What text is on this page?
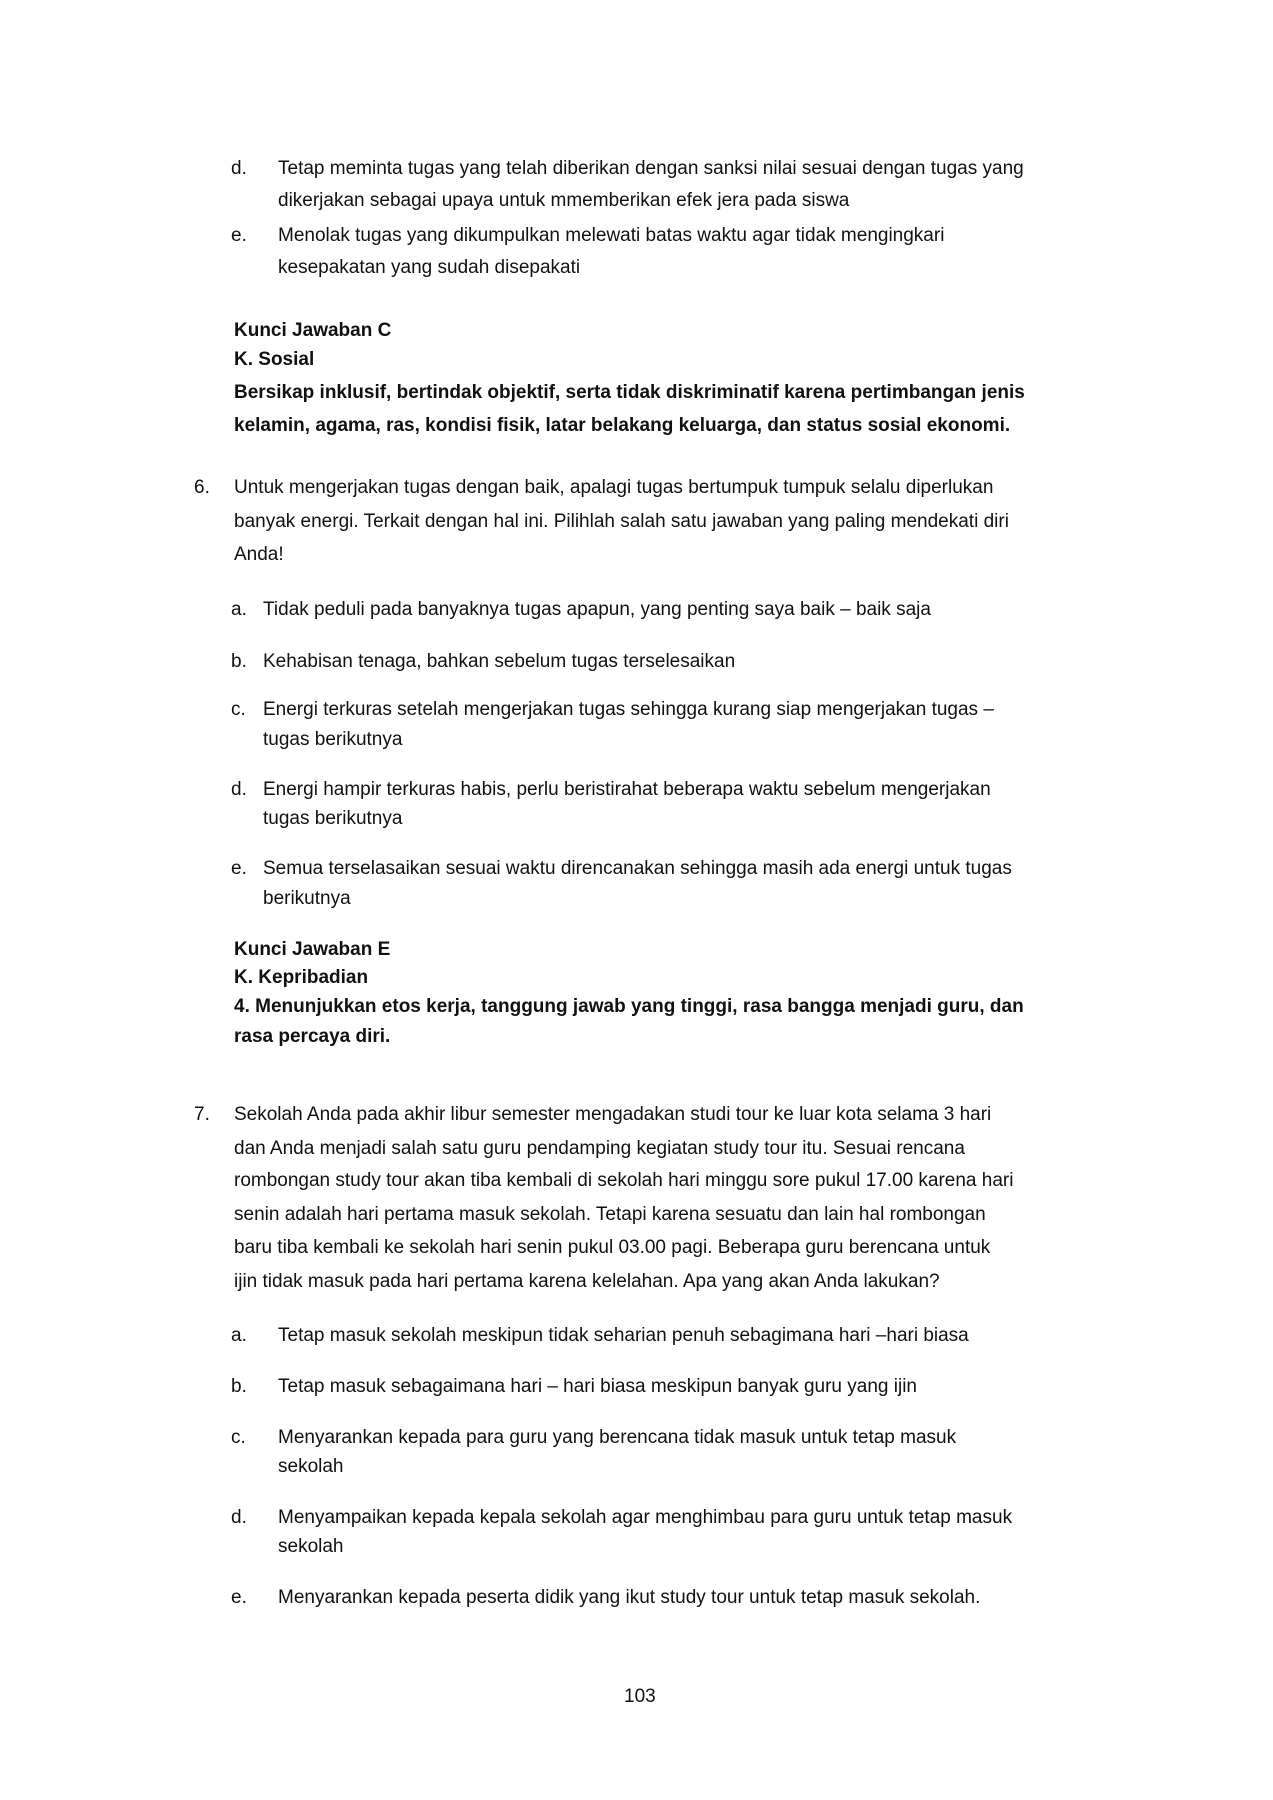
d. Tetap meminta tugas yang telah diberikan dengan sanksi nilai sesuai dengan tugas yang
dikerjakan sebagai upaya untuk mmemberikan efek jera pada siswa
e. Menolak tugas yang dikumpulkan melewati batas waktu agar tidak mengingkari
kesepakatan yang sudah disepakati
Kunci Jawaban C
K. Sosial
Bersikap inklusif, bertindak objektif, serta tidak diskriminatif karena pertimbangan jenis
kelamin, agama, ras, kondisi fisik, latar belakang keluarga, dan status sosial ekonomi.
6. Untuk mengerjakan tugas dengan baik, apalagi tugas bertumpuk tumpuk selalu diperlukan
banyak energi. Terkait dengan hal ini. Pilihlah salah satu jawaban yang paling mendekati diri
Anda!
a. Tidak peduli pada banyaknya tugas apapun, yang penting saya baik – baik saja
b. Kehabisan tenaga, bahkan sebelum tugas terselesaikan
c. Energi terkuras setelah mengerjakan tugas sehingga kurang siap mengerjakan tugas –
tugas berikutnya
d. Energi hampir terkuras habis, perlu beristirahat beberapa waktu sebelum mengerjakan
tugas berikutnya
e. Semua terselasaikan sesuai waktu direncanakan sehingga masih ada energi untuk tugas
berikutnya
Kunci Jawaban E
K. Kepribadian
4. Menunjukkan etos kerja, tanggung jawab yang tinggi, rasa bangga menjadi guru, dan
rasa percaya diri.
7. Sekolah Anda pada akhir libur semester mengadakan studi tour ke luar kota selama 3 hari
dan Anda menjadi salah satu guru pendamping kegiatan study tour itu. Sesuai rencana
rombongan study tour akan tiba kembali di sekolah hari minggu sore pukul 17.00 karena hari
senin adalah hari pertama masuk sekolah. Tetapi karena sesuatu dan lain hal rombongan
baru tiba kembali ke sekolah hari senin pukul 03.00 pagi. Beberapa guru berencana untuk
ijin tidak masuk pada hari pertama karena kelelahan. Apa yang akan Anda lakukan?
a. Tetap masuk sekolah meskipun tidak seharian penuh sebagimana hari –hari biasa
b. Tetap masuk sebagaimana hari – hari biasa meskipun banyak guru yang ijin
c. Menyarankan kepada para guru yang berencana tidak masuk untuk tetap masuk
sekolah
d. Menyampaikan kepada kepala sekolah agar menghimbau para guru untuk tetap masuk
sekolah
e. Menyarankan kepada peserta didik yang ikut study tour untuk tetap masuk sekolah.
103
